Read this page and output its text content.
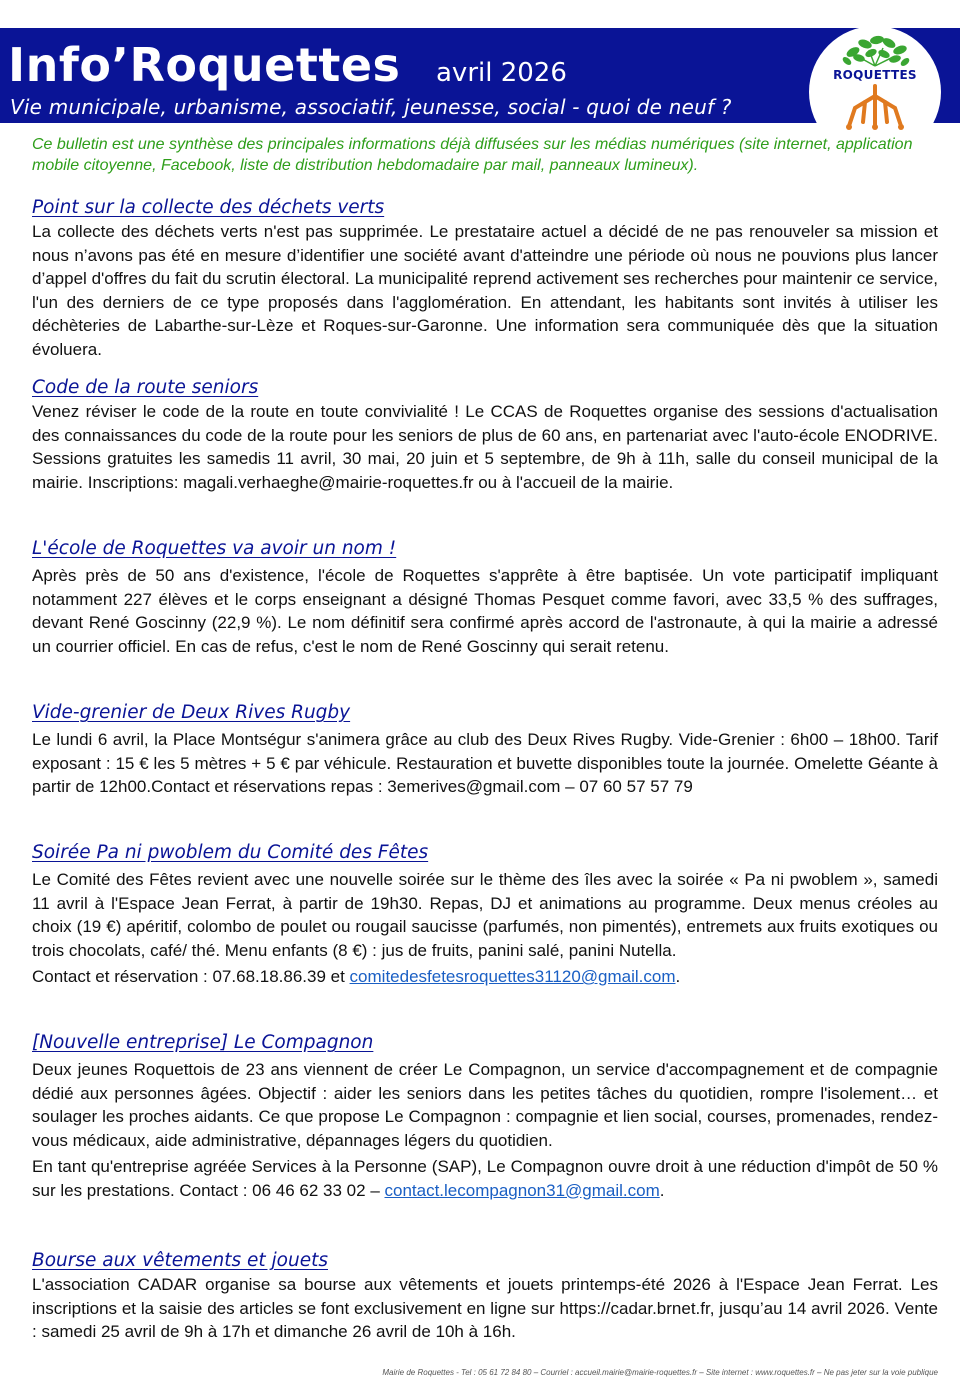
Info’Roquettes avril 2026
Vie municipale, urbanisme, associatif, jeunesse, social - quoi de neuf ?
ROQUETTES
Ce bulletin est une synthèse des principales informations déjà diffusées sur les médias numériques (site internet, application mobile citoyenne, Facebook, liste de distribution hebdomadaire par mail, panneaux lumineux).
Point sur la collecte des déchets verts

La collecte des déchets verts n'est pas supprimée. Le prestataire actuel a décidé de ne pas renouveler sa mission et nous n’avons pas été en mesure d’identifier une société avant d'atteindre une période où nous ne pouvions plus lancer d’appel d'offres du fait du scrutin électoral. La municipalité reprend activement ses recherches pour maintenir ce service, l'un des derniers de ce type proposés dans l'agglomération. En attendant, les habitants sont invités à utiliser les déchèteries de Labarthe-sur-Lèze et Roques-sur-Garonne. Une information sera communiquée dès que la situation évoluera.

Code de la route seniors

Venez réviser le code de la route en toute convivialité ! Le CCAS de Roquettes organise des sessions d'actualisation des connaissances du code de la route pour les seniors de plus de 60 ans, en partenariat avec l'auto-école ENODRIVE. Sessions gratuites les samedis 11 avril, 30 mai, 20 juin et 5 septembre, de 9h à 11h, salle du conseil municipal de la mairie. Inscriptions: magali.verhaeghe@mairie-roquettes.fr ou à l'accueil de la mairie.

L'école de Roquettes va avoir un nom !

Après près de 50 ans d'existence, l'école de Roquettes s'apprête à être baptisée. Un vote participatif impliquant notamment 227 élèves et le corps enseignant a désigné Thomas Pesquet comme favori, avec 33,5 % des suffrages, devant René Goscinny (22,9 %). Le nom définitif sera confirmé après accord de l'astronaute, à qui la mairie a adressé un courrier officiel. En cas de refus, c'est le nom de René Goscinny qui serait retenu.

Vide-grenier de Deux Rives Rugby

Le lundi 6 avril, la Place Montségur s'animera grâce au club des Deux Rives Rugby. Vide-Grenier : 6h00 – 18h00. Tarif exposant : 15 € les 5 mètres + 5 € par véhicule. Restauration et buvette disponibles toute la journée. Omelette Géante à partir de 12h00.Contact et réservations repas : 3emerives@gmail.com – 07 60 57 57 79

Soirée Pa ni pwoblem du Comité des Fêtes

Le Comité des Fêtes revient avec une nouvelle soirée sur le thème des îles avec la soirée « Pa ni pwoblem », samedi 11 avril à l'Espace Jean Ferrat, à partir de 19h30. Repas, DJ et animations au programme. Deux menus créoles au choix (19 €) apéritif, colombo de poulet ou rougail saucisse (parfumés, non pimentés), entremets aux fruits exotiques ou trois chocolats, café/ thé. Menu enfants (8 €) : jus de fruits, panini salé, panini Nutella.

Contact et réservation : 07.68.18.86.39 et comitedesfetesroquettes31120@gmail.com.

[Nouvelle entreprise] Le Compagnon

Deux jeunes Roquettois de 23 ans viennent de créer Le Compagnon, un service d'accompagnement et de compagnie dédié aux personnes âgées. Objectif : aider les seniors dans les petites tâches du quotidien, rompre l'isolement… et soulager les proches aidants. Ce que propose Le Compagnon : compagnie et lien social, courses, promenades, rendez-vous médicaux, aide administrative, dépannages légers du quotidien.

En tant qu'entreprise agréée Services à la Personne (SAP), Le Compagnon ouvre droit à une réduction d'impôt de 50 % sur les prestations. Contact : 06 46 62 33 02 – contact.lecompagnon31@gmail.com.

Bourse aux vêtements et jouets

L'association CADAR organise sa bourse aux vêtements et jouets printemps-été 2026 à l'Espace Jean Ferrat. Les inscriptions et la saisie des articles se font exclusivement en ligne sur https://cadar.brnet.fr, jusqu’au 14 avril 2026. Vente : samedi 25 avril de 9h à 17h et dimanche 26 avril de 10h à 16h.

Mairie de Roquettes - Tel : 05 61 72 84 80 – Courriel : accueil.mairie@mairie-roquettes.fr – Site internet : www.roquettes.fr – Ne pas jeter sur la voie publique
